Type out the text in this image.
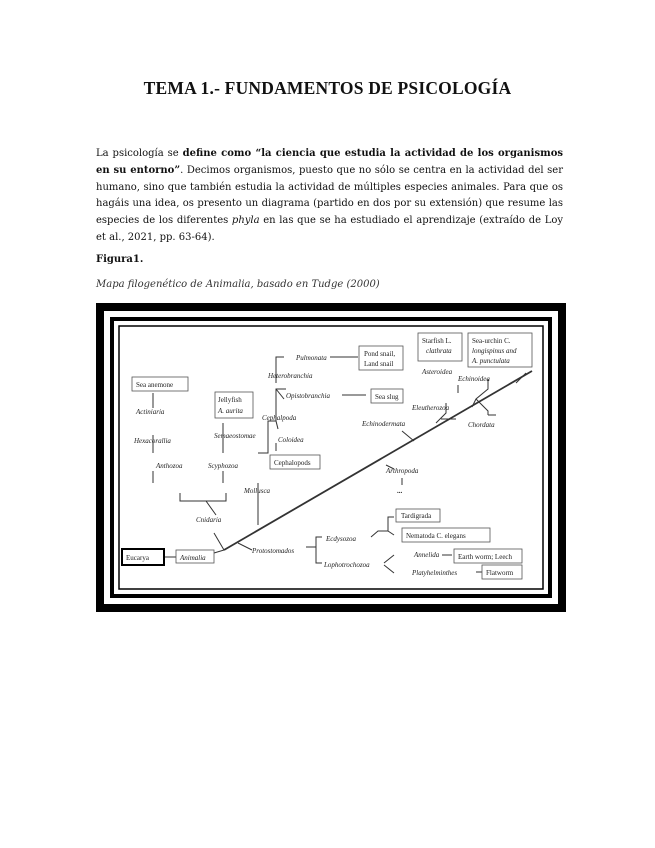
TEMA 1.- FUNDAMENTOS DE PSICOLOGÍA
La psicología se define como “la ciencia que estudia la actividad de los organismos en su entorno”. Decimos organismos, puesto que no sólo se centra en la actividad del ser humano, sino que también estudia la actividad de múltiples especies animales. Para que os hagáis una idea, os presento un diagrama (partido en dos por su extensión) que resume las especies de los diferentes phyla en las que se ha estudiado el aprendizaje (extraído de Loy et al., 2021, pp. 63-64).
Figura1.
Mapa filogenético de Animalia, basado en Tudge (2000)
Eucarya	Animalia
Protostomados
Ecdysozoa
Lophotrochozoa
Annelida
Platyhelminthes
Tardigrada
Nematoda C. elegans
Earth worm; Leech
Flatworm
Cnidaria
Anthozoa	Scyphozoa
Hexacorallia
Actiniaria
Sea anemone
Semaeostomae
Jellyfish
A. aurita
Mollusca
Heterobranchia
Pulmonata
Opistobranchia
Pond snail,
Land snail
Sea slug
Cephalpoda
Coloidea
Cephalopods
Arthropoda
...
Echinodermata
Eleutherozoa
Asteroidea
Echinoidea
Chordata
Starfish L.
clathrata
Sea-urchin C.
longispinus and
A. punctulata
